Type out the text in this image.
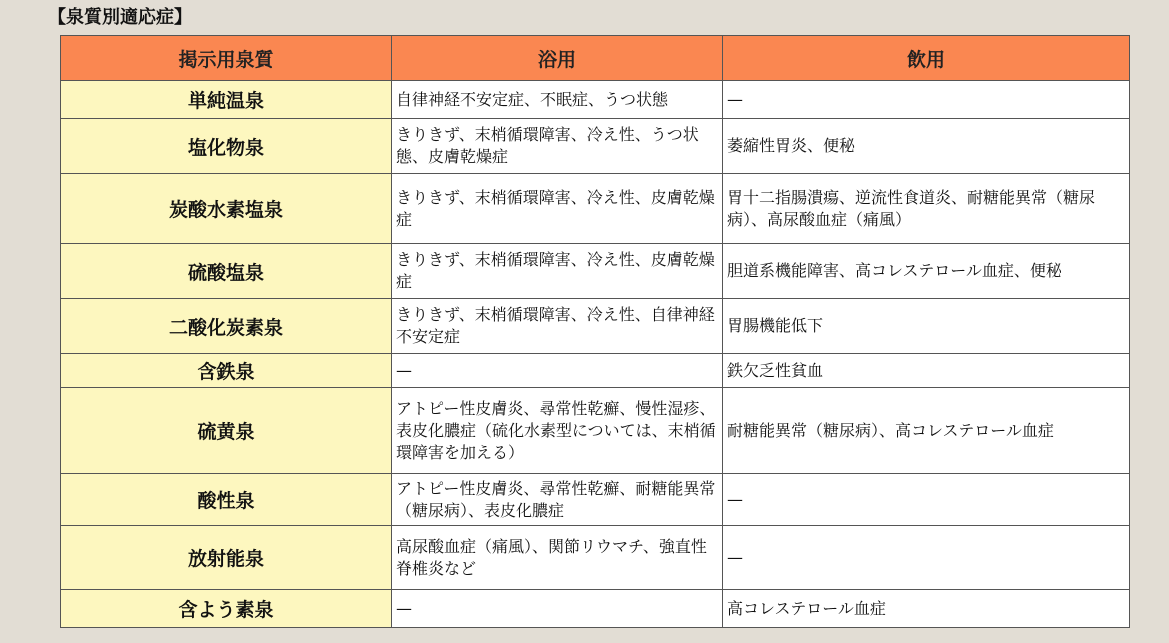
【泉質別適応症】
掲示用泉質	浴用	飲用
単純温泉	自律神経不安定症、不眠症、うつ状態	—
塩化物泉	きりきず、末梢循環障害、冷え性、うつ状態、皮膚乾燥症	萎縮性胃炎、便秘
炭酸水素塩泉	きりきず、末梢循環障害、冷え性、皮膚乾燥症	胃十二指腸潰瘍、逆流性食道炎、耐糖能異常（糖尿病）、高尿酸血症（痛風）
硫酸塩泉	きりきず、末梢循環障害、冷え性、皮膚乾燥症	胆道系機能障害、高コレステロール血症、便秘
二酸化炭素泉	きりきず、末梢循環障害、冷え性、自律神経不安定症	胃腸機能低下
含鉄泉	—	鉄欠乏性貧血
硫黄泉	アトピー性皮膚炎、尋常性乾癬、慢性湿疹、表皮化膿症（硫化水素型については、末梢循環障害を加える）	耐糖能異常（糖尿病）、高コレステロール血症
酸性泉	アトピー性皮膚炎、尋常性乾癬、耐糖能異常（糖尿病）、表皮化膿症	—
放射能泉	高尿酸血症（痛風）、関節リウマチ、強直性脊椎炎など	—
含よう素泉	—	高コレステロール血症
